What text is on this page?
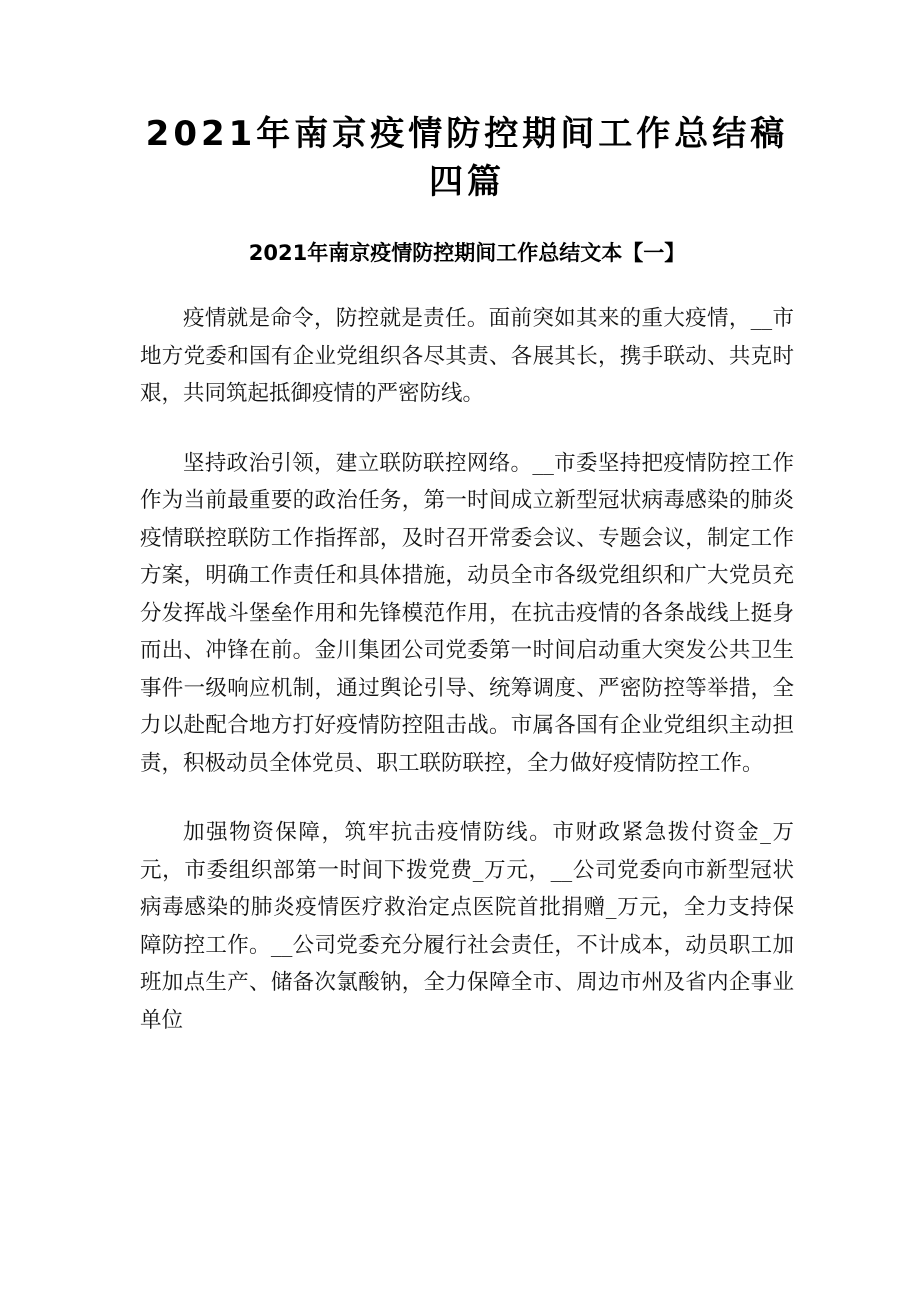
2021年南京疫情防控期间工作总结稿四篇
2021年南京疫情防控期间工作总结文本【一】

疫情就是命令，防控就是责任。面前突如其来的重大疫情，__市地方党委和国有企业党组织各尽其责、各展其长，携手联动、共克时艰，共同筑起抵御疫情的严密防线。

坚持政治引领，建立联防联控网络。__市委坚持把疫情防控工作作为当前最重要的政治任务，第一时间成立新型冠状病毒感染的肺炎疫情联控联防工作指挥部，及时召开常委会议、专题会议，制定工作方案，明确工作责任和具体措施，动员全市各级党组织和广大党员充分发挥战斗堡垒作用和先锋模范作用，在抗击疫情的各条战线上挺身而出、冲锋在前。金川集团公司党委第一时间启动重大突发公共卫生事件一级响应机制，通过舆论引导、统筹调度、严密防控等举措，全力以赴配合地方打好疫情防控阻击战。市属各国有企业党组织主动担责，积极动员全体党员、职工联防联控，全力做好疫情防控工作。

加强物资保障，筑牢抗击疫情防线。市财政紧急拨付资金_万元，市委组织部第一时间下拨党费_万元，__公司党委向市新型冠状病毒感染的肺炎疫情医疗救治定点医院首批捐赠_万元，全力支持保障防控工作。__公司党委充分履行社会责任，不计成本，动员职工加班加点生产、储备次氯酸钠，全力保障全市、周边市州及省内企事业单位
